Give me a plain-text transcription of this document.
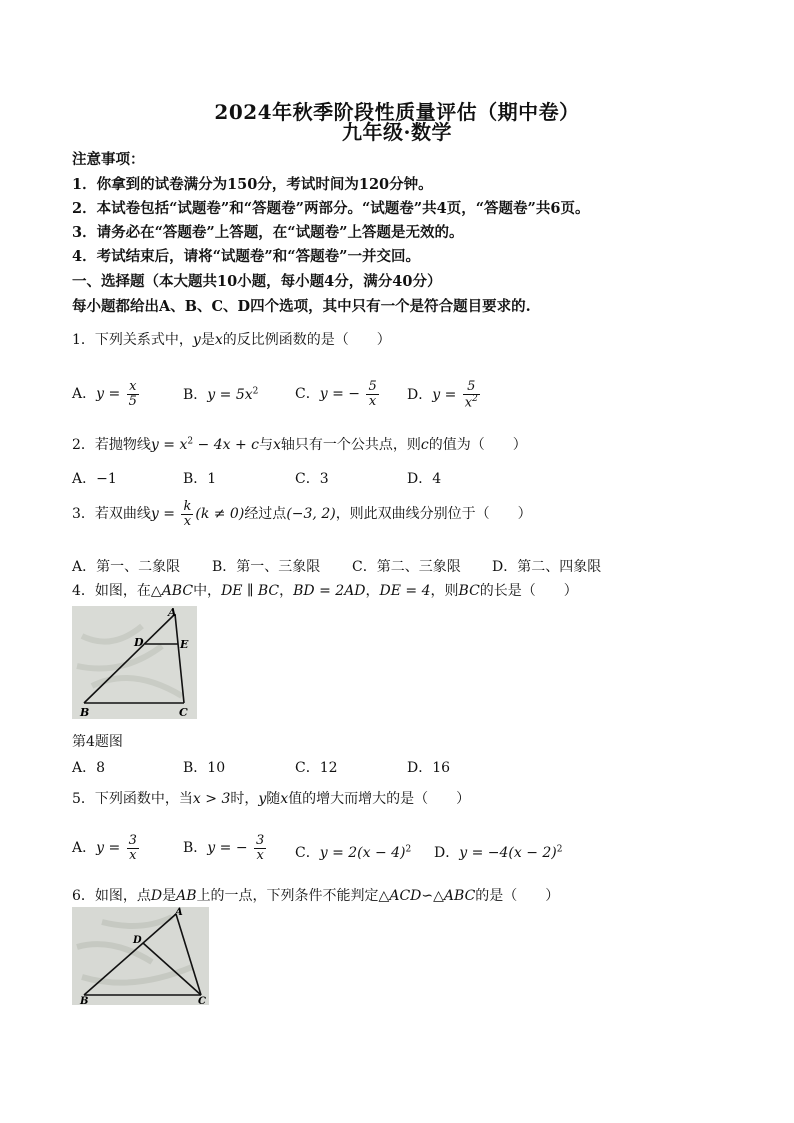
2024年秋季阶段性质量评估（期中卷）
九年级·数学
注意事项：
1．你拿到的试卷满分为150分，考试时间为120分钟。
2．本试卷包括“试题卷”和“答题卷”两部分。“试题卷”共4页，“答题卷”共6页。
3．请务必在“答题卷”上答题，在“试题卷”上答题是无效的。
4．考试结束后，请将“试题卷”和“答题卷”一并交回。
一、选择题（本大题共10小题，每小题4分，满分40分）
每小题都给出A、B、C、D四个选项，其中只有一个是符合题目要求的.
1．下列关系式中，y是x的反比例函数的是（　　）
A．$y = \frac{x}{5}$	B．$y = 5x^2$	C．y = − $\frac{5}{x}$ D．$y = \frac{5}{x^2}$
2．若抛物线$y = x^2 - 4x + c$与x轴只有一个公共点，则c的值为（　　）
A．−1	B．1	C．3	D．4
3．若双曲线$y = \frac{k}{x} (k \ne 0)$经过点(−3, 2)，则此双曲线分别位于（　　）
A．第一、二象限 B．第一、三象限 C．第二、三象限 D．第二、四象限
4．如图，在△ABC中，DE ∥ BC，BD = 2AD，DE = 4，则BC的长是（　　）
A
D	E
B	C
第4题图
A．8	B．10	C．12	D．16
5．下列函数中，当x > 3时，y随x值的增大而增大的是（　　）
A．$y = \frac{3}{x}$	B．y = − $\frac{3}{x}$ C．$y = 2(x - 4)^2$ D．$y = -4(x - 2)^2$
6．如图，点D是AB上的一点，下列条件不能判定△ACD∽△ABC的是（　　）
A
D
B	C
